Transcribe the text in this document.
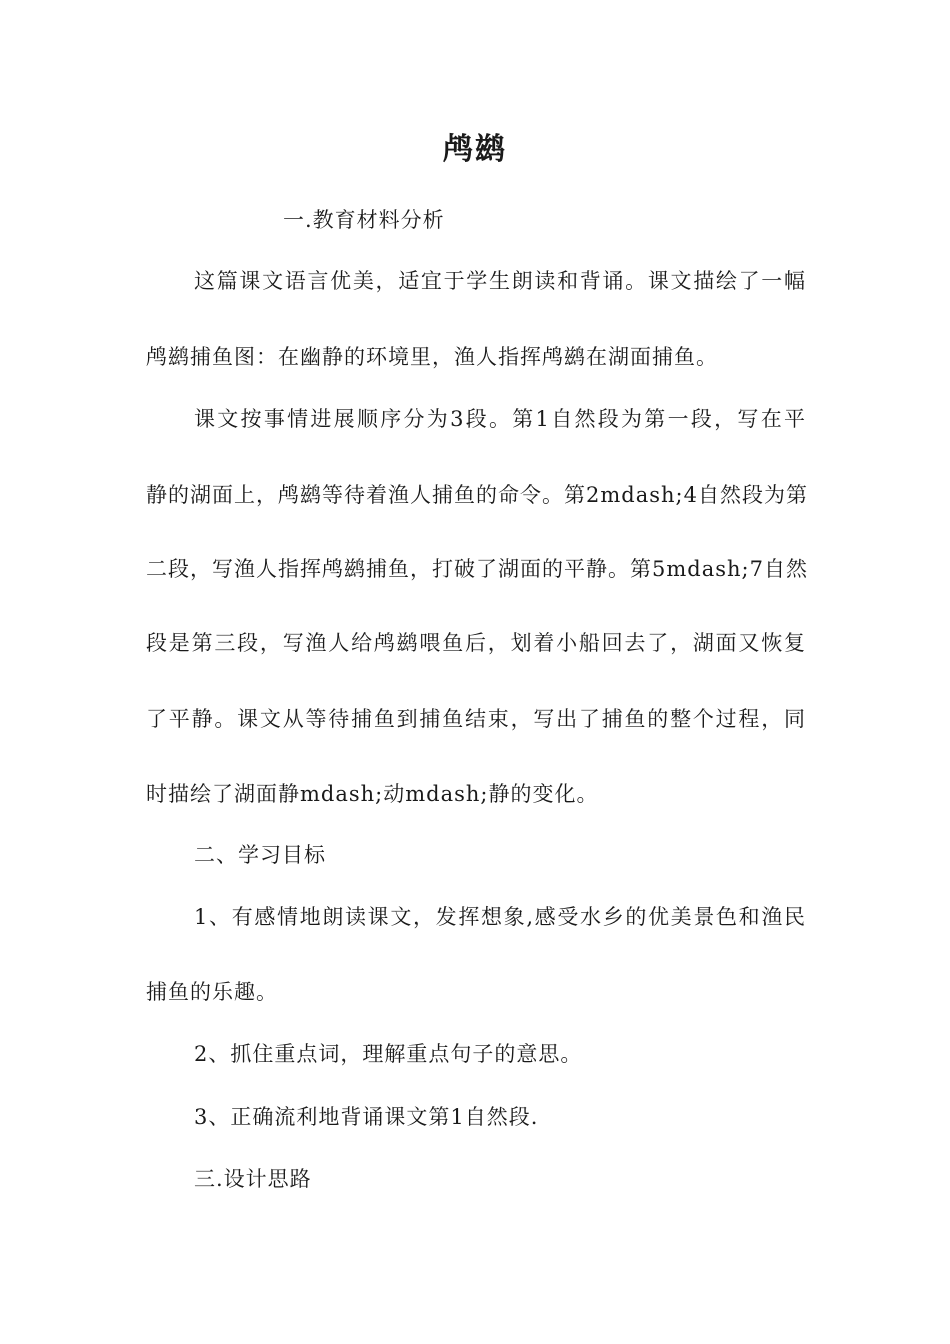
鸬鹚
一.教育材料分析
这篇课文语言优美，适宜于学生朗读和背诵。课文描绘了一幅
鸬鹚捕鱼图：在幽静的环境里，渔人指挥鸬鹚在湖面捕鱼。
课文按事情进展顺序分为3段。第1自然段为第一段，写在平
静的湖面上，鸬鹚等待着渔人捕鱼的命令。第2mdash;4自然段为第
二段，写渔人指挥鸬鹚捕鱼，打破了湖面的平静。第5mdash;7自然
段是第三段，写渔人给鸬鹚喂鱼后，划着小船回去了，湖面又恢复
了平静。课文从等待捕鱼到捕鱼结束，写出了捕鱼的整个过程，同
时描绘了湖面静mdash;动mdash;静的变化。
二、学习目标
1、有感情地朗读课文，发挥想象,感受水乡的优美景色和渔民
捕鱼的乐趣。
2、抓住重点词，理解重点句子的意思。
3、正确流利地背诵课文第1自然段.
三.设计思路
